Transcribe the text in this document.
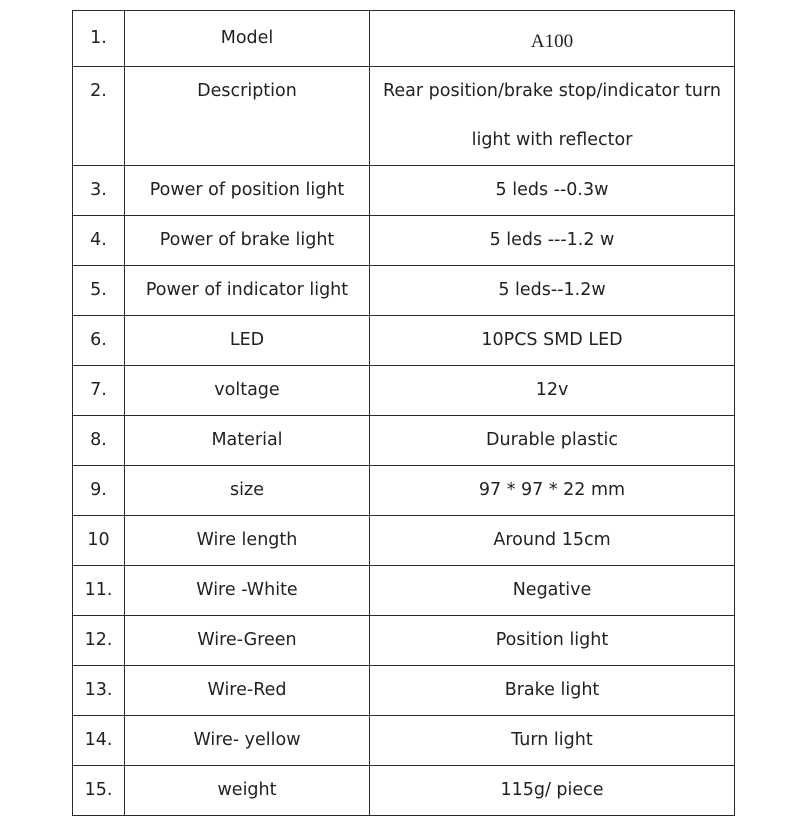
1.	Model	A100
2.	Description	Rear position/brake stop/indicator turn light with reflector
3.	Power of position light	5 leds --0.3w
4.	Power of brake light	5 leds ---1.2 w
5.	Power of indicator light	5 leds--1.2w
6.	LED	10PCS SMD LED
7.	voltage	12v
8.	Material	Durable plastic
9.	size	97 * 97 * 22 mm
10	Wire length	Around 15cm
11.	Wire -White	Negative
12.	Wire-Green	Position light
13.	Wire-Red	Brake light
14.	Wire- yellow	Turn light
15.	weight	115g/ piece
